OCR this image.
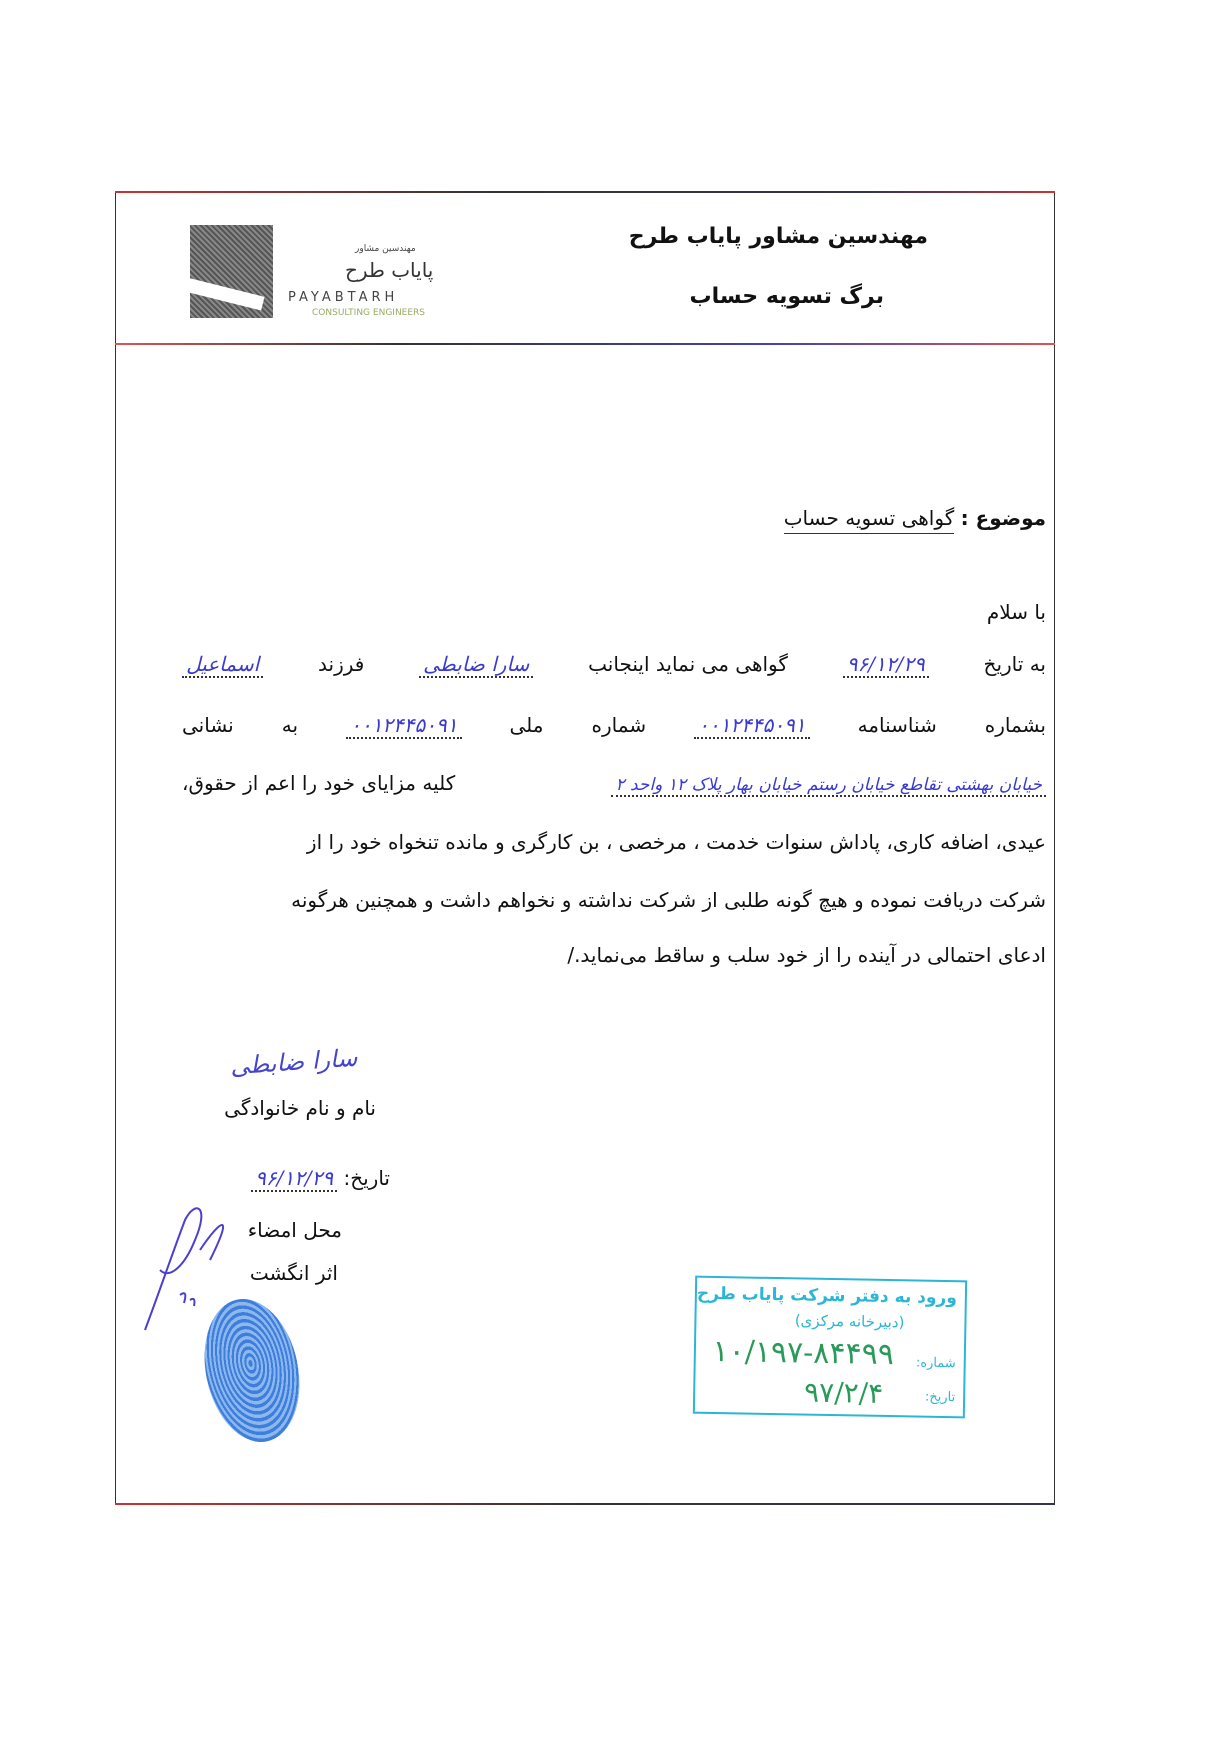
مهندسین مشاور پایاب طرح
برگ تسویه حساب
مهندسین مشاور
پایاب طرح
PAYABTARH
CONSULTING ENGINEERS
موضوع : گواهی تسویه حساب
با سلام
به تاریخ
۹۶/۱۲/۲۹
گواهی می نماید اینجانب
سارا ضابطی
فرزند
اسماعیل
بشماره
شناسنامه
۰۰۱۲۴۴۵۰۹۱
شماره
ملی
۰۰۱۲۴۴۵۰۹۱
به
نشانی
خیابان بهشتی تقاطع خیابان رستم خیابان بهار پلاک ۱۲ واحد ۲
کلیه مزایای خود را اعم از حقوق،
عیدی، اضافه کاری، پاداش سنوات خدمت ، مرخصی ، بن کارگری و مانده تنخواه خود را از
شرکت دریافت نموده و هیچ گونه طلبی از شرکت نداشته و نخواهم داشت و همچنین هرگونه
ادعای احتمالی در آینده را از خود سلب و ساقط می‌نماید./
سارا ضابطی
نام و نام خانوادگی
تاریخ: ۹۶/۱۲/۲۹
محل امضاء
اثر انگشت
ورود به دفتر شرکت پایاب طرح
(دبیرخانه مرکزی)
شماره:
۱۰/۱۹۷-۸۴۴۹۹
تاریخ:
۹۷/۲/۴
